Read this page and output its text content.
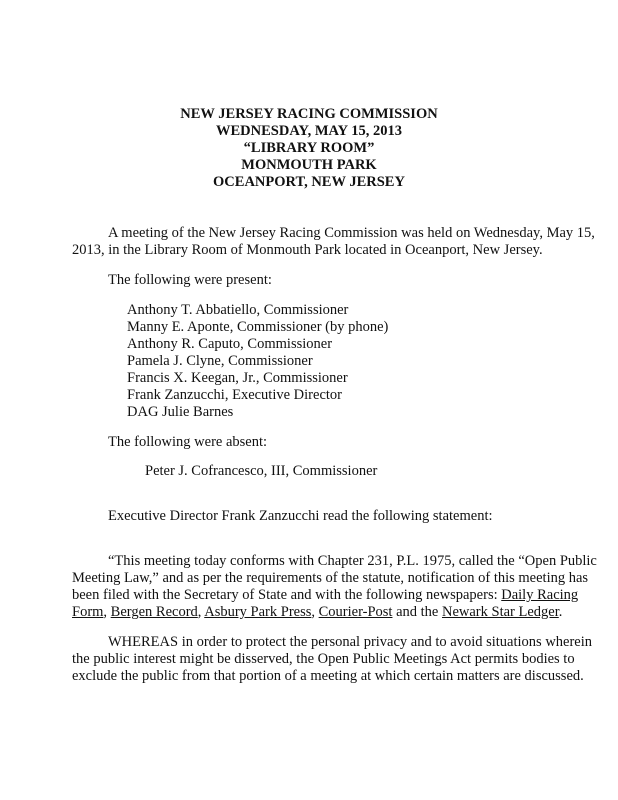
NEW JERSEY RACING COMMISSION
WEDNESDAY, MAY 15, 2013
“LIBRARY ROOM”
MONMOUTH PARK
OCEANPORT, NEW JERSEY
A meeting of the New Jersey Racing Commission was held on Wednesday, May 15,
2013, in the Library Room of Monmouth Park located in Oceanport, New Jersey.
The following were present:
Anthony T. Abbatiello, Commissioner
Manny E. Aponte, Commissioner (by phone)
Anthony R. Caputo, Commissioner
Pamela J. Clyne, Commissioner
Francis X. Keegan, Jr., Commissioner
Frank Zanzucchi, Executive Director
DAG Julie Barnes
The following were absent:
Peter J. Cofrancesco, III, Commissioner
Executive Director Frank Zanzucchi read the following statement:
“This meeting today conforms with Chapter 231, P.L. 1975, called the “Open Public
Meeting Law,” and as per the requirements of the statute, notification of this meeting has
been filed with the Secretary of State and with the following newspapers: Daily Racing
Form, Bergen Record, Asbury Park Press, Courier-Post and the Newark Star Ledger.
WHEREAS in order to protect the personal privacy and to avoid situations wherein
the public interest might be disserved, the Open Public Meetings Act permits bodies to
exclude the public from that portion of a meeting at which certain matters are discussed.
